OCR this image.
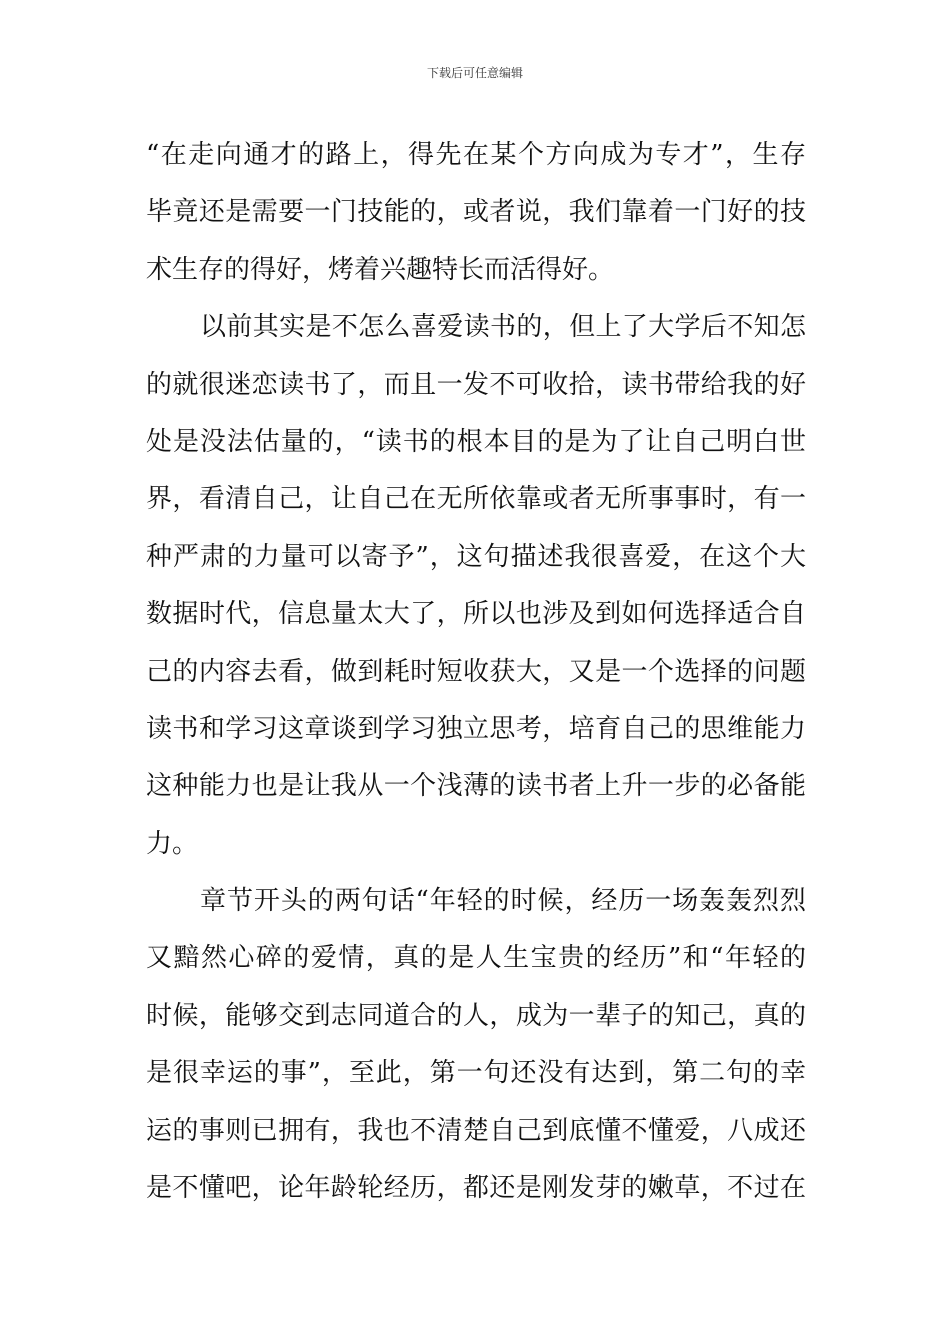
下载后可任意编辑
“在走向通才的路上，得先在某个方向成为专才”，生存
毕竟还是需要一门技能的，或者说，我们靠着一门好的技
术生存的得好，烤着兴趣特长而活得好。
以前其实是不怎么喜爱读书的，但上了大学后不知怎
的就很迷恋读书了，而且一发不可收拾，读书带给我的好
处是没法估量的，“读书的根本目的是为了让自己明白世
界，看清自己，让自己在无所依靠或者无所事事时，有一
种严肃的力量可以寄予”，这句描述我很喜爱，在这个大
数据时代，信息量太大了，所以也涉及到如何选择适合自
己的内容去看，做到耗时短收获大，又是一个选择的问题
读书和学习这章谈到学习独立思考，培育自己的思维能力
这种能力也是让我从一个浅薄的读书者上升一步的必备能
力。
章节开头的两句话“年轻的时候，经历一场轰轰烈烈
又黯然心碎的爱情，真的是人生宝贵的经历”和“年轻的
时候，能够交到志同道合的人，成为一辈子的知己，真的
是很幸运的事”，至此，第一句还没有达到，第二句的幸
运的事则已拥有，我也不清楚自己到底懂不懂爱，八成还
是不懂吧，论年龄轮经历，都还是刚发芽的嫩草，不过在
